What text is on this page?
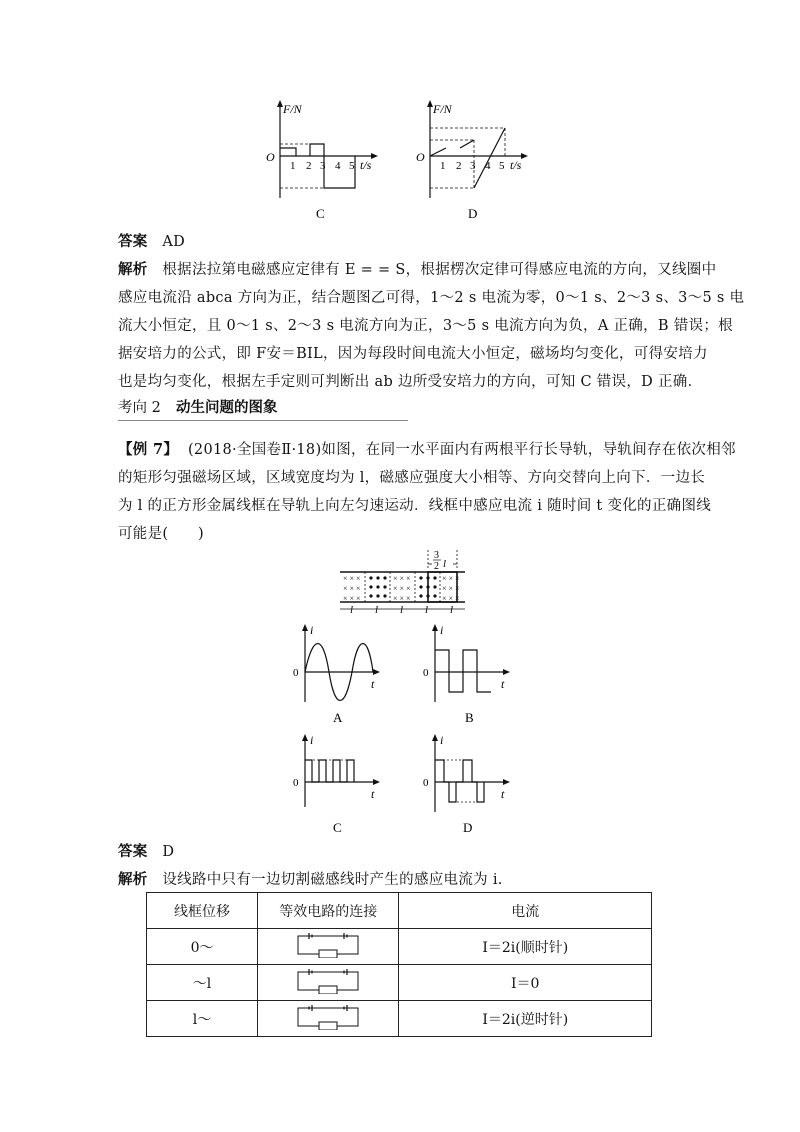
F/N
O
1 2 3 4 5 t/s
C
F/N
O
1 2 3 4 5 t/s
D

答案 AD

解析 根据法拉第电磁感应定律有 E = = S，根据楞次定律可得感应电流的方向，又线圈中

感应电流沿 abca 方向为正，结合题图乙可得，1～2 s 电流为零，0～1 s、2～3 s、3～5 s 电

流大小恒定，且 0～1 s、2～3 s 电流方向为正，3～5 s 电流方向为负，A 正确，B 错误；根

据安培力的公式，即 F安＝BIL，因为每段时间电流大小恒定，磁场均匀变化，可得安培力

也是均匀变化，根据左手定则可判断出 ab 边所受安培力的方向，可知 C 错误，D 正确．

考向 2 动生问题的图象

【例 7】 (2018·全国卷Ⅱ·18)如图，在同一水平面内有两根平行长导轨，导轨间存在依次相邻

的矩形匀强磁场区域，区域宽度均为 l，磁感应强度大小相等、方向交替向上向下．一边长

为 l 的正方形金属线框在导轨上向左匀速运动．线框中感应电流 i 随时间 t 变化的正确图线

可能是(　　)

3
2 l
× × ×
× × ×
× × ×
× × ×
× × ×
× × ×
× × ×
× × ×
× × ×
l l l l l
i
0
t
A
i
0
t
B
i
0
t
C
i
0
t
D

答案 D

解析 设线路中只有一边切割磁感线时产生的感应电流为 i.

线框位移	等效电路的连接	电流
0～		I＝2i(顺时针)
～l		I＝0
l～		I＝2i(逆时针)
